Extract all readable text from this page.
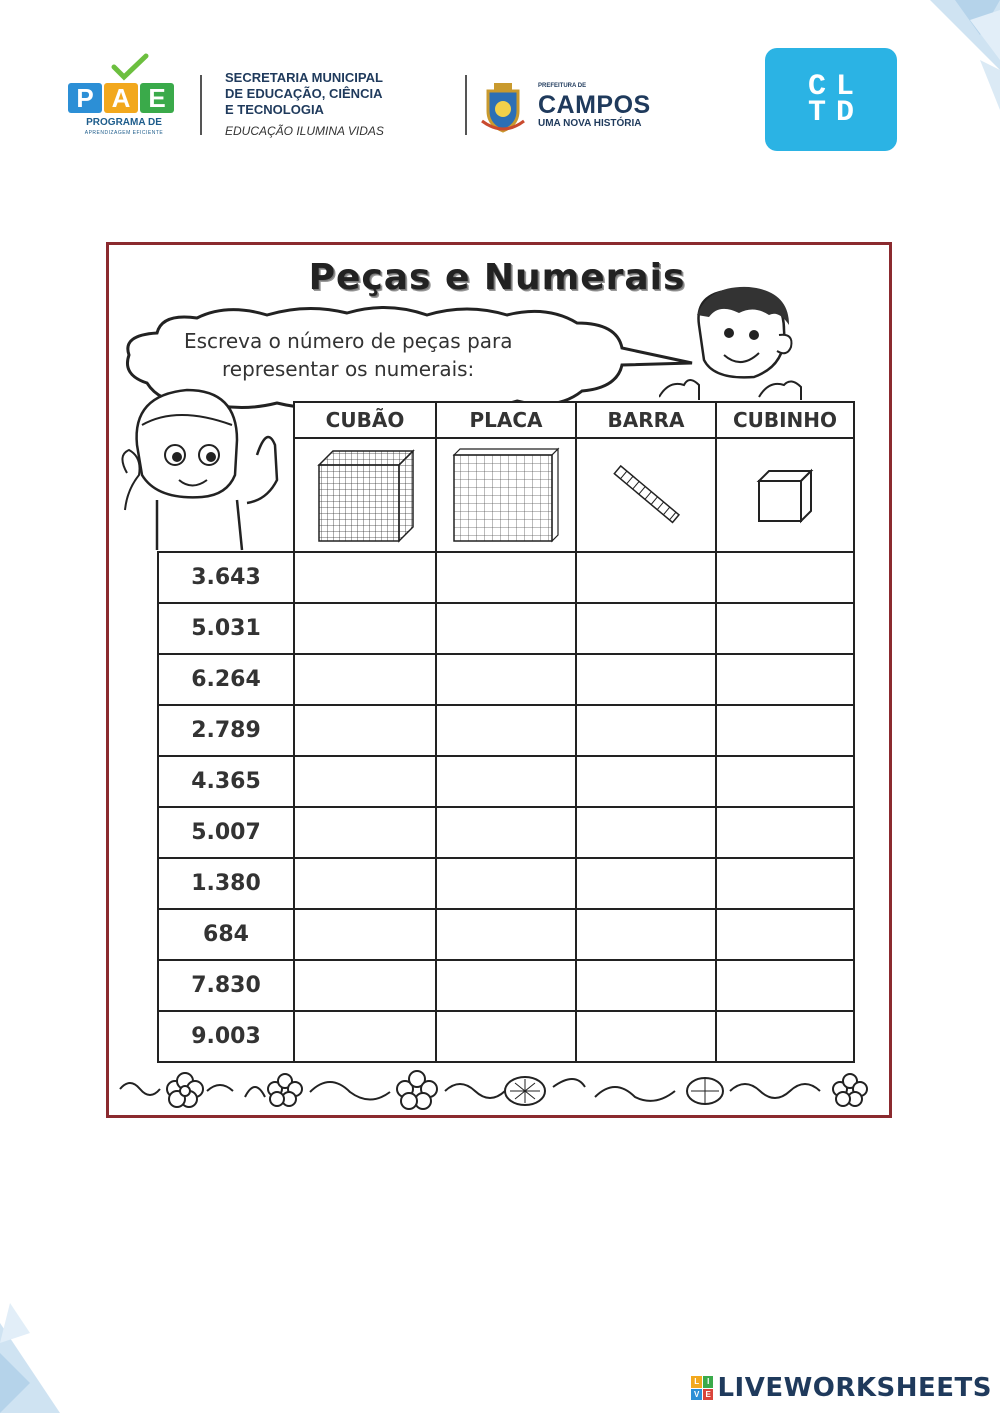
P A E
PROGRAMA DE
APRENDIZAGEM EFICIENTE
SECRETARIA MUNICIPAL
DE EDUCAÇÃO, CIÊNCIA
E TECNOLOGIA
EDUCAÇÃO ILUMINA VIDAS
PREFEITURA DE
CAMPOS
UMA NOVA HISTÓRIA
CL
TD
Peças e Numerais
Escreva o número de peças para
representar os numerais:
CUBÃO	PLACA	BARRA	CUBINHO
3.643
5.031
6.264
2.789
4.365
5.007
1.380
684
7.830
9.003
L I
V E LIVEWORKSHEETS
